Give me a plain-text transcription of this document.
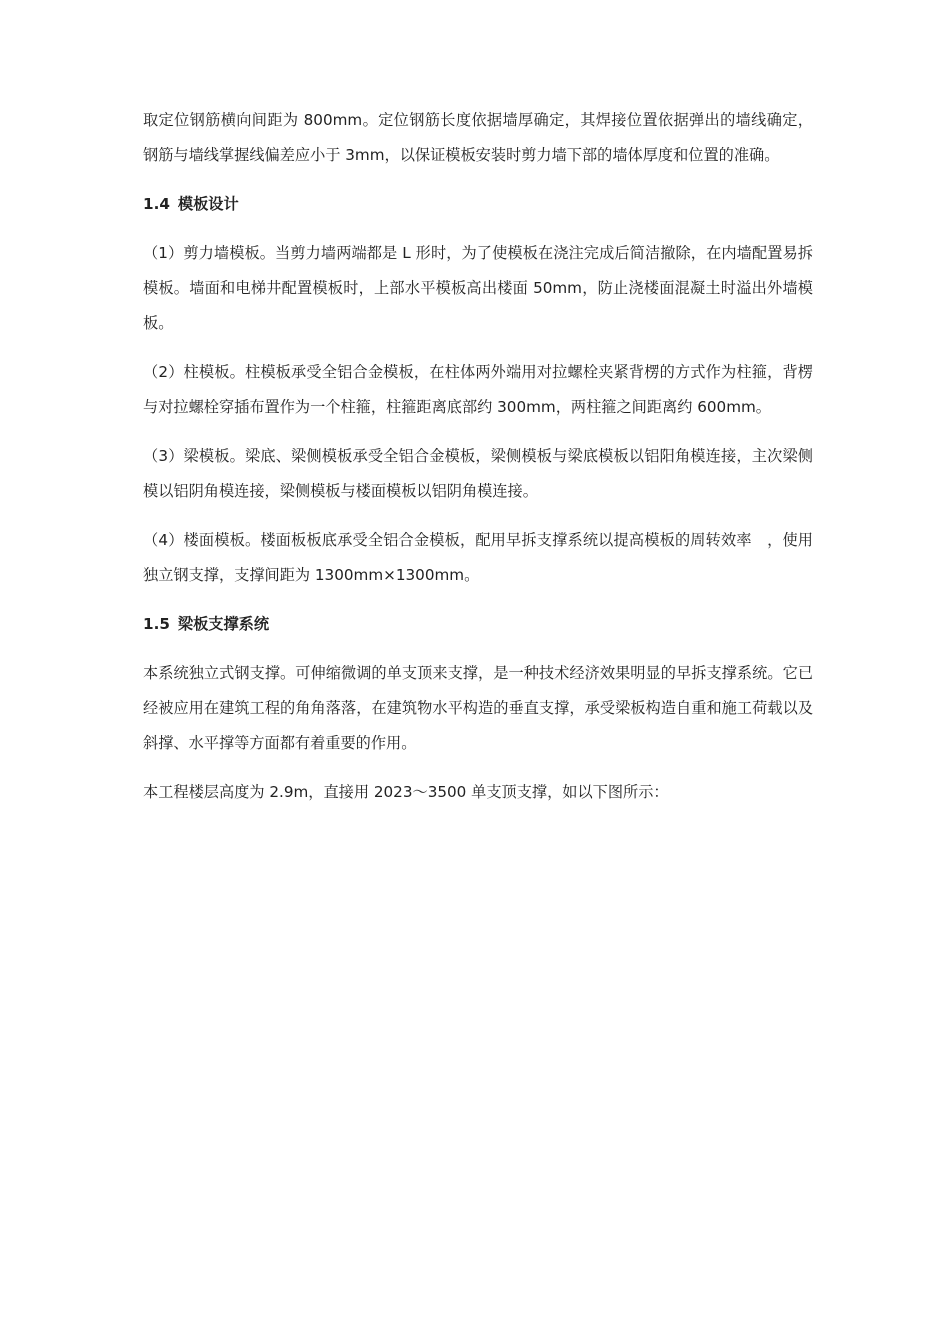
取定位钢筋横向间距为 800mm。定位钢筋长度依据墙厚确定，其焊接位置依据弹出的墙线确定，钢筋与墙线掌握线偏差应小于 3mm，以保证模板安装时剪力墙下部的墙体厚度和位置的准确。

1.4 模板设计

（1）剪力墙模板。当剪力墙两端都是 L 形时，为了使模板在浇注完成后简洁撤除，在内墙配置易拆模板。墙面和电梯井配置模板时，上部水平模板高出楼面 50mm，防止浇楼面混凝土时溢出外墙模板。

（2）柱模板。柱模板承受全铝合金模板，在柱体两外端用对拉螺栓夹紧背楞的方式作为柱箍，背楞与对拉螺栓穿插布置作为一个柱箍，柱箍距离底部约 300mm，两柱箍之间距离约 600mm。

（3）梁模板。梁底、梁侧模板承受全铝合金模板，梁侧模板与梁底模板以铝阳角模连接，主次梁侧模以铝阴角模连接，梁侧模板与楼面模板以铝阴角模连接。

（4）楼面模板。楼面板板底承受全铝合金模板，配用早拆支撑系统以提高模板的周转效率　，使用独立钢支撑，支撑间距为 1300mm×1300mm。

1.5 梁板支撑系统

本系统独立式钢支撑。可伸缩微调的单支顶来支撑，是一种技术经济效果明显的早拆支撑系统。它已经被应用在建筑工程的角角落落，在建筑物水平构造的垂直支撑，承受梁板构造自重和施工荷载以及斜撑、水平撑等方面都有着重要的作用。

本工程楼层高度为 2.9m，直接用 2023～3500 单支顶支撑，如以下图所示：
